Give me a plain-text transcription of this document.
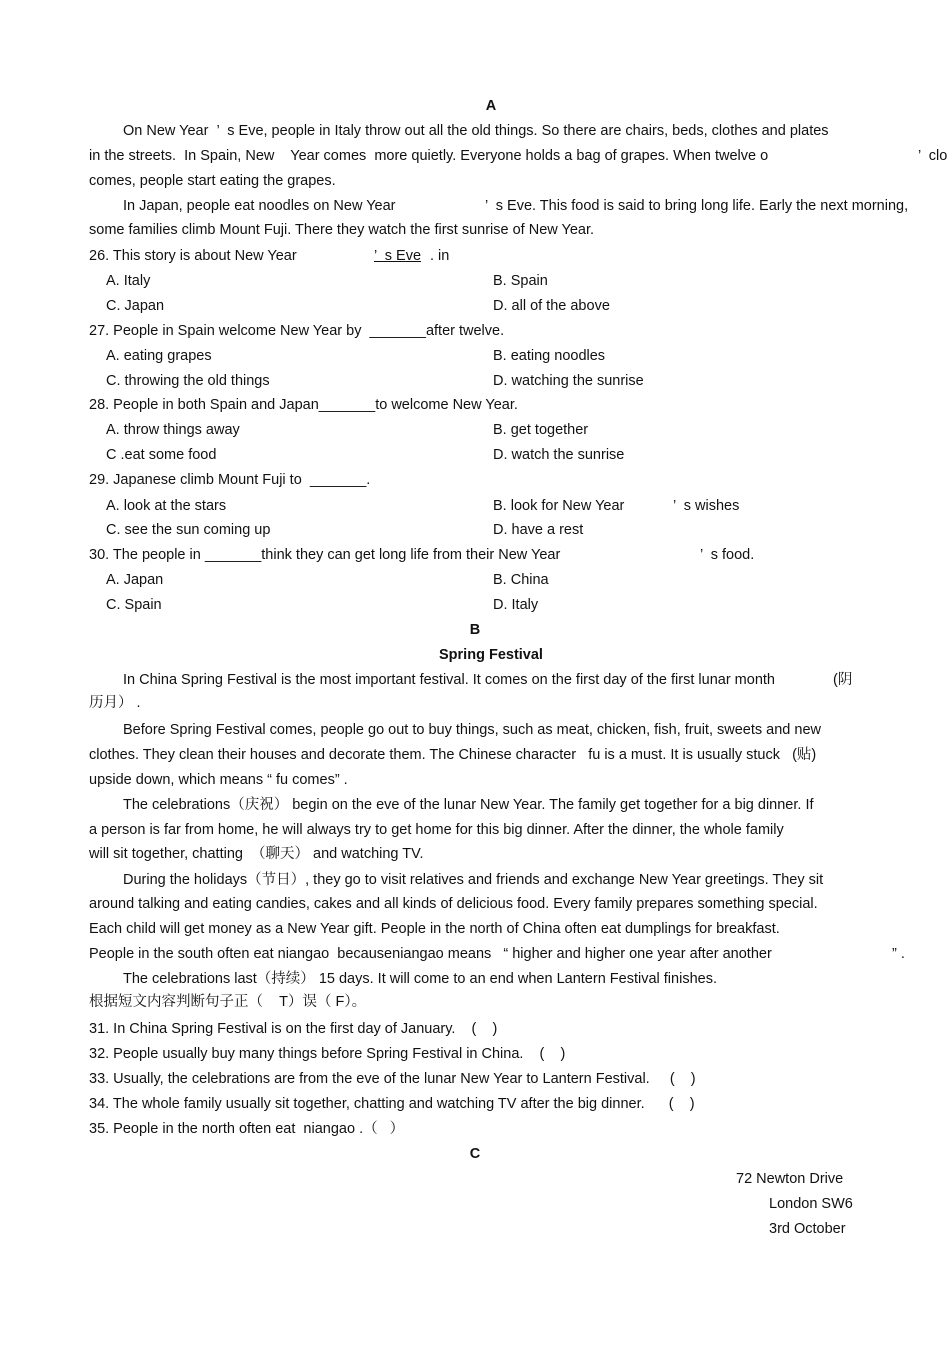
A
On New Year  ’  s Eve, people in Italy throw out all the old things. So there are chairs, beds, clothes and plates
in the streets.  In Spain, New    Year comes  more quietly. Everyone holds a bag of grapes. When twelve o	’  clo
comes, people start eating the grapes.
In Japan, people eat noodles on New Year	’  s Eve. This food is said to bring long life. Early the next morning,
some families climb Mount Fuji. There they watch the first sunrise of New Year.
26. This story is about New Year	’  s Eve . in
A. Italy	B. Spain
C. Japan	D. all of the above
27. People in Spain welcome New Year by  _______after twelve.
A. eating grapes	B. eating noodles
C. throwing the old things	D. watching the sunrise
28. People in both Spain and Japan_______to welcome New Year.
A. throw things away	B. get together
C .eat some food	D. watch the sunrise
29. Japanese climb Mount Fuji to  _______.
A. look at the stars	B. look for New Year	’  s wishes
C. see the sun coming up	D. have a rest
30. The people in _______think they can get long life from their New Year	’  s food.
A. Japan	B. China
C. Spain	D. Italy
B
Spring Festival
In China Spring Festival is the most important festival. It comes on the first day of the first lunar month	(阴
历月） .
Before Spring Festival comes, people go out to buy things, such as meat, chicken, fish, fruit, sweets and new
clothes. They clean their houses and decorate them. The Chinese character   fu is a must. It is usually stuck   (贴)
upside down, which means “ fu comes” .
The celebrations（庆祝） begin on the eve of the lunar New Year. The family get together for a big dinner. If
a person is far from home, he will always try to get home for this big dinner. After the dinner, the whole family
will sit together, chatting  （聊天） and watching TV.
During the holidays（节日）, they go to visit relatives and friends and exchange New Year greetings. They sit
around talking and eating candies, cakes and all kinds of delicious food. Every family prepares something special.
Each child will get money as a New Year gift. People in the north of China often eat dumplings for breakfast.
People in the south often eat niangao  becauseniangao means   “ higher and higher one year after another	” .
The celebrations last（持续） 15 days. It will come to an end when Lantern Festival finishes.
根据短文内容判断句子正（    T）误（ F）。
31. In China Spring Festival is on the first day of January.    (    )
32. People usually buy many things before Spring Festival in China.    (    )
33. Usually, the celebrations are from the eve of the lunar New Year to Lantern Festival.     (    )
34. The whole family usually sit together, chatting and watching TV after the big dinner.      (    )
35. People in the north often eat  niangao .（   ）
C
72 Newton Drive
London SW6
3rd October
